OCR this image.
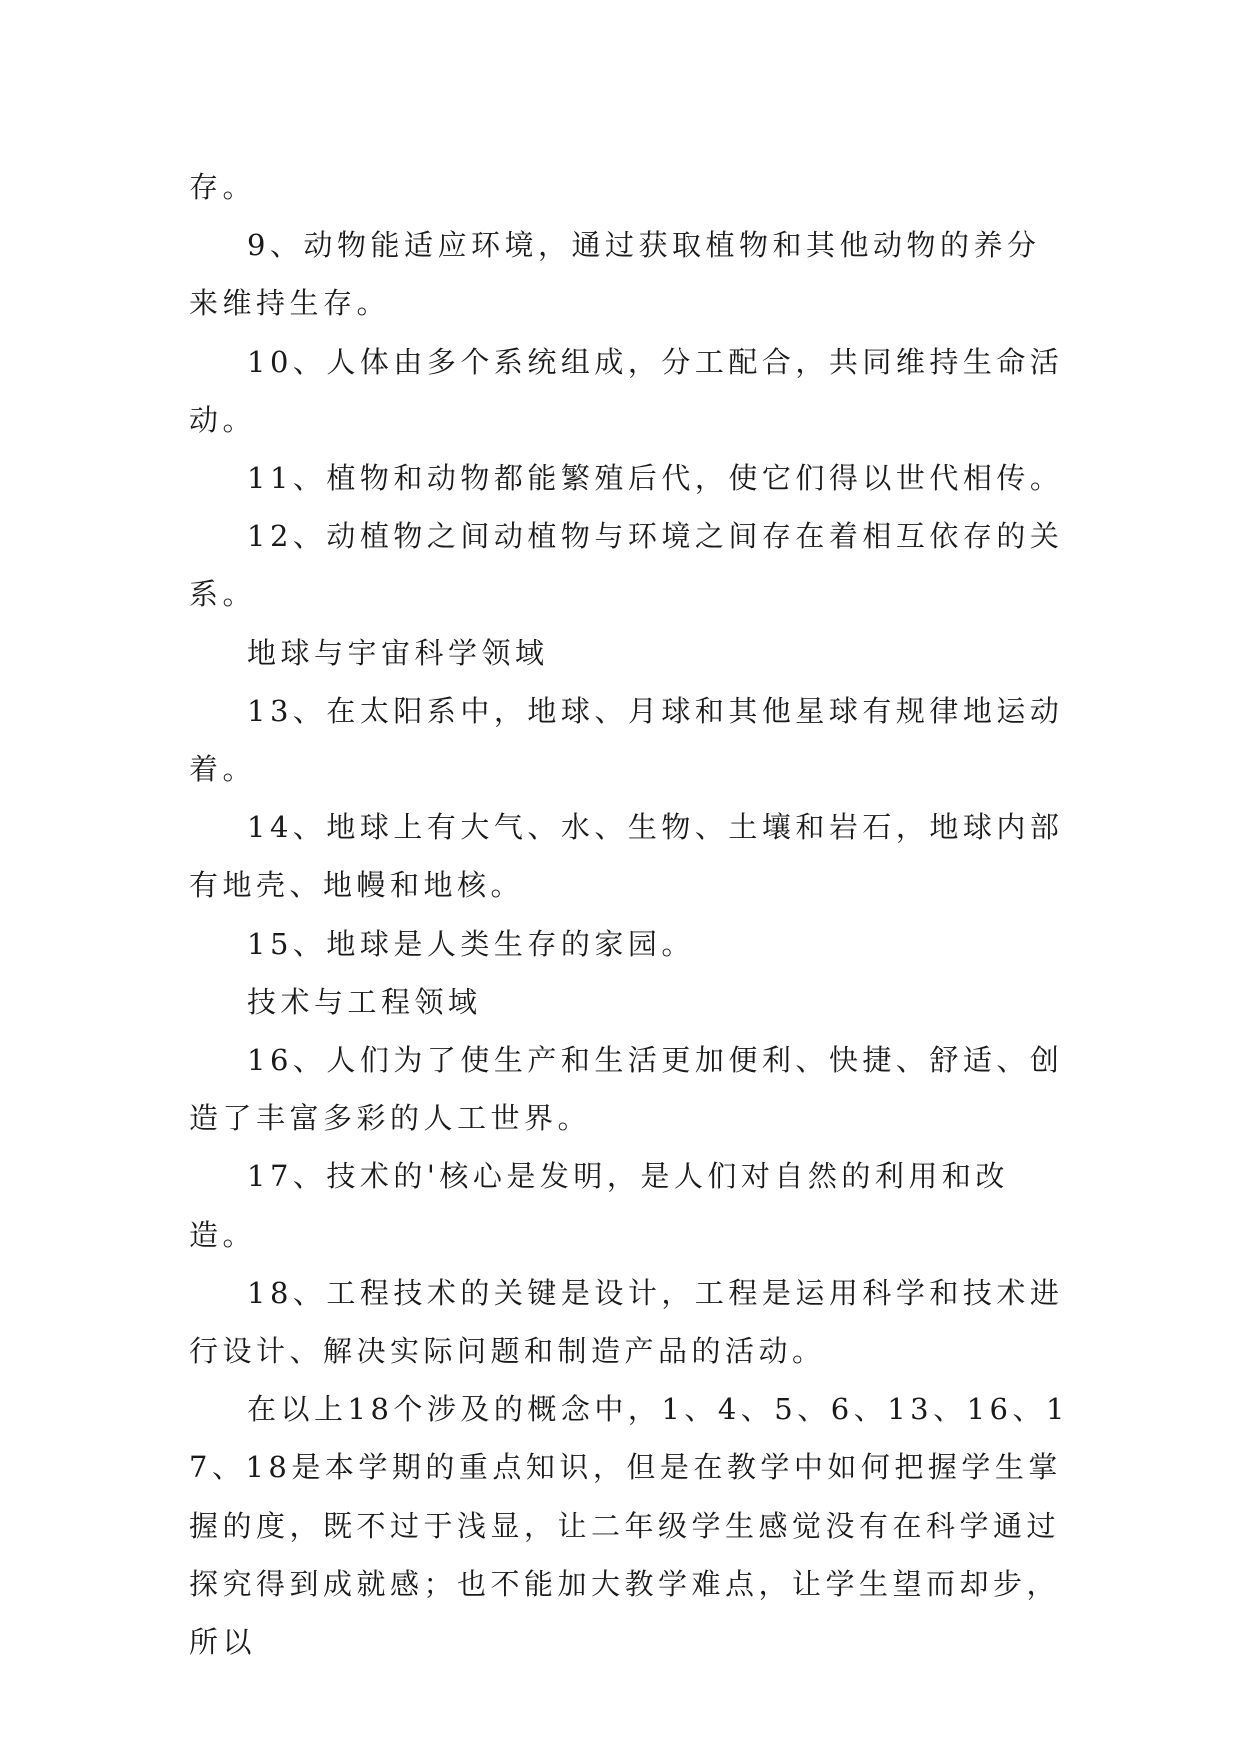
存。

9、动物能适应环境，通过获取植物和其他动物的养分来维持生存。

10、人体由多个系统组成，分工配合，共同维持生命活动。

11、植物和动物都能繁殖后代，使它们得以世代相传。

12、动植物之间动植物与环境之间存在着相互依存的关系。

地球与宇宙科学领域

13、在太阳系中，地球、月球和其他星球有规律地运动着。

14、地球上有大气、水、生物、土壤和岩石，地球内部有地壳、地幔和地核。

15、地球是人类生存的家园。

技术与工程领域

16、人们为了使生产和生活更加便利、快捷、舒适、创造了丰富多彩的人工世界。

17、技术的'核心是发明，是人们对自然的利用和改造。

18、工程技术的关键是设计，工程是运用科学和技术进行设计、解决实际问题和制造产品的活动。

在以上18个涉及的概念中，1、4、5、6、13、16、17、18是本学期的重点知识，但是在教学中如何把握学生掌握的度，既不过于浅显，让二年级学生感觉没有在科学通过探究得到成就感；也不能加大教学难点，让学生望而却步，所以
